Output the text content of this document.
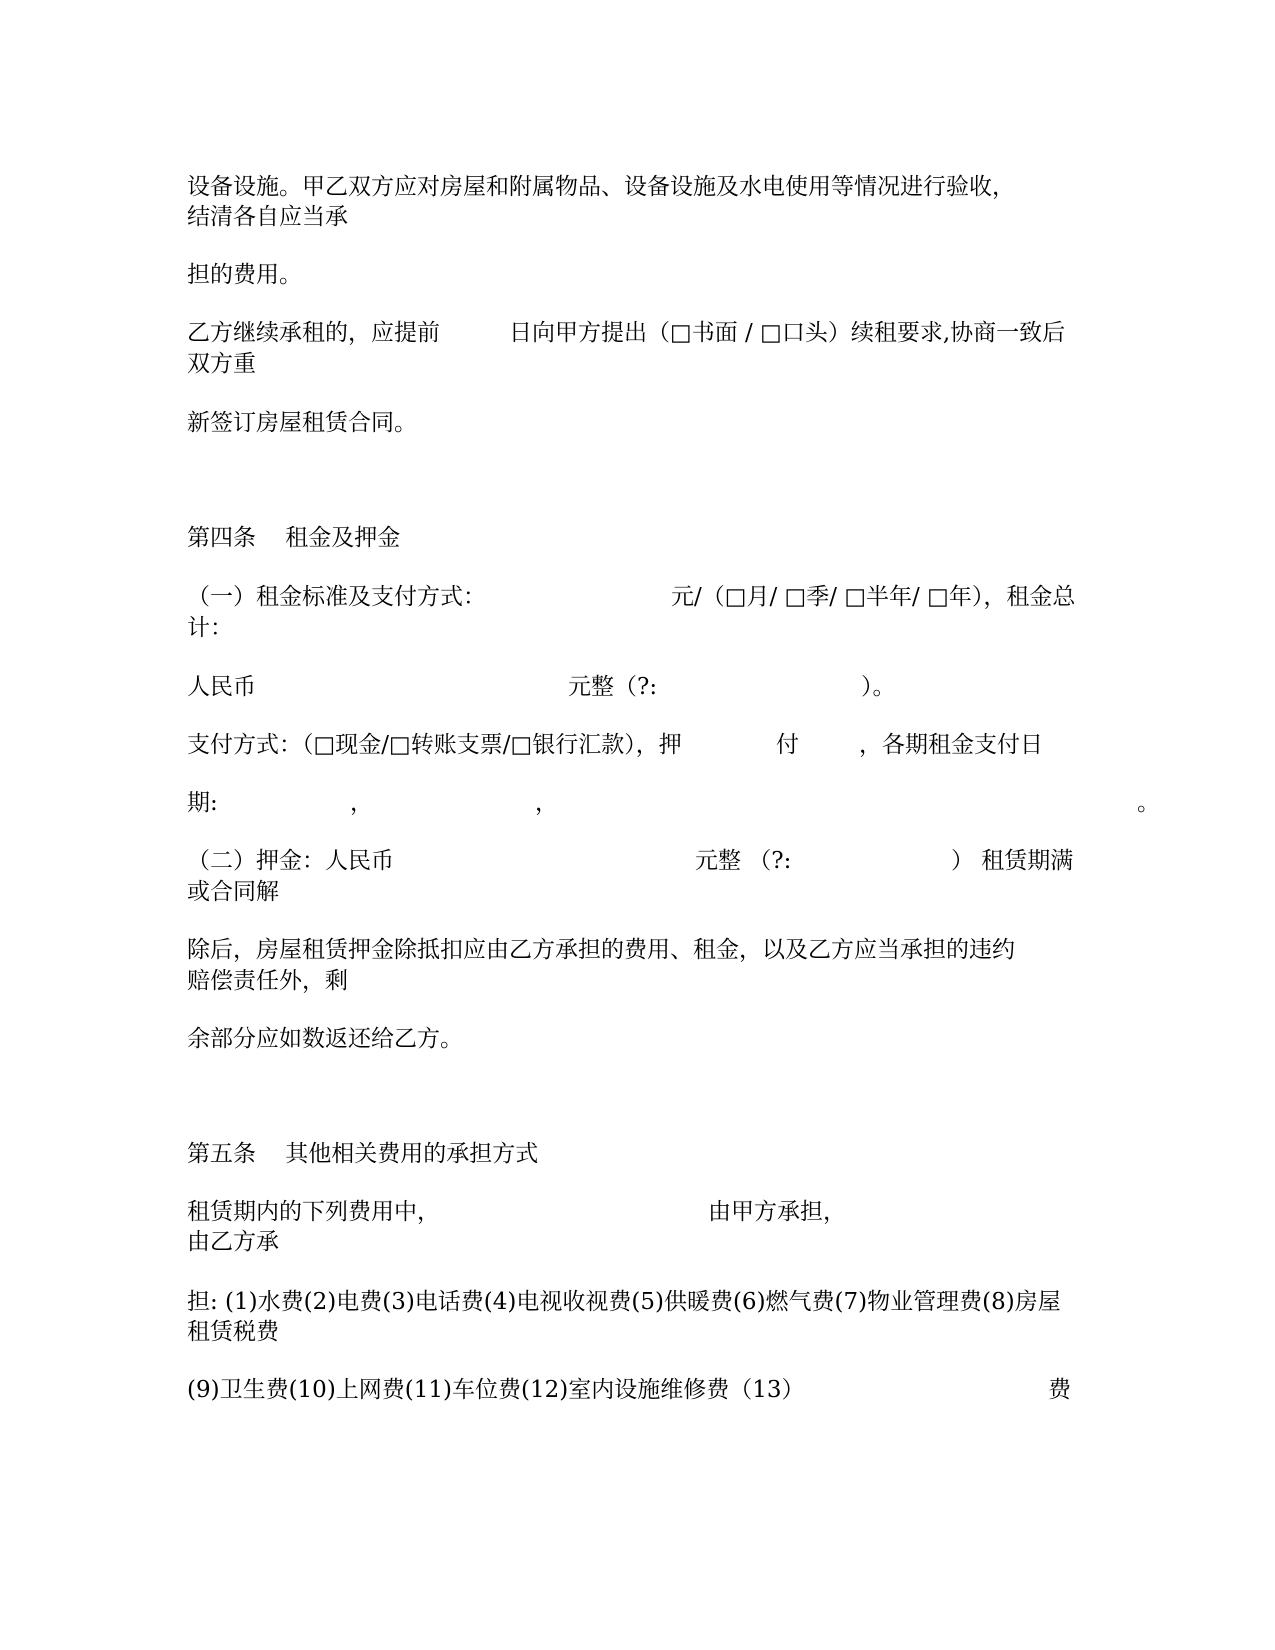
设备设施。甲乙双方应对房屋和附属物品、设备设施及水电使用等情况进行验收，

结清各自应当承

担的费用。

乙方继续承租的，应提前

	日向甲方提出（□书面 / □口头）续租要求,协商一致后

双方重

新签订房屋租赁合同。

第四条    租金及押金

（一）租金标准及支付方式：

	元/（□月/ □季/ □半年/ □年），租金总

计：

人民币

	元整（?:

	）。

支付方式：（□现金/□转账支票/□银行汇款），押

	付

	，各期租金支付日

期:

	，

	，

	。

（二）押金：人民币

	元整 （?:

	） 租赁期满

或合同解

除后，房屋租赁押金除抵扣应由乙方承担的费用、租金，以及乙方应当承担的违约

赔偿责任外，剩

余部分应如数返还给乙方。

第五条    其他相关费用的承担方式

租赁期内的下列费用中，

	由甲方承担，

由乙方承

担: (1)水费(2)电费(3)电话费(4)电视收视费(5)供暖费(6)燃气费(7)物业管理费(8)房屋

租赁税费

(9)卫生费(10)上网费(11)车位费(12)室内设施维修费（13）

	费
